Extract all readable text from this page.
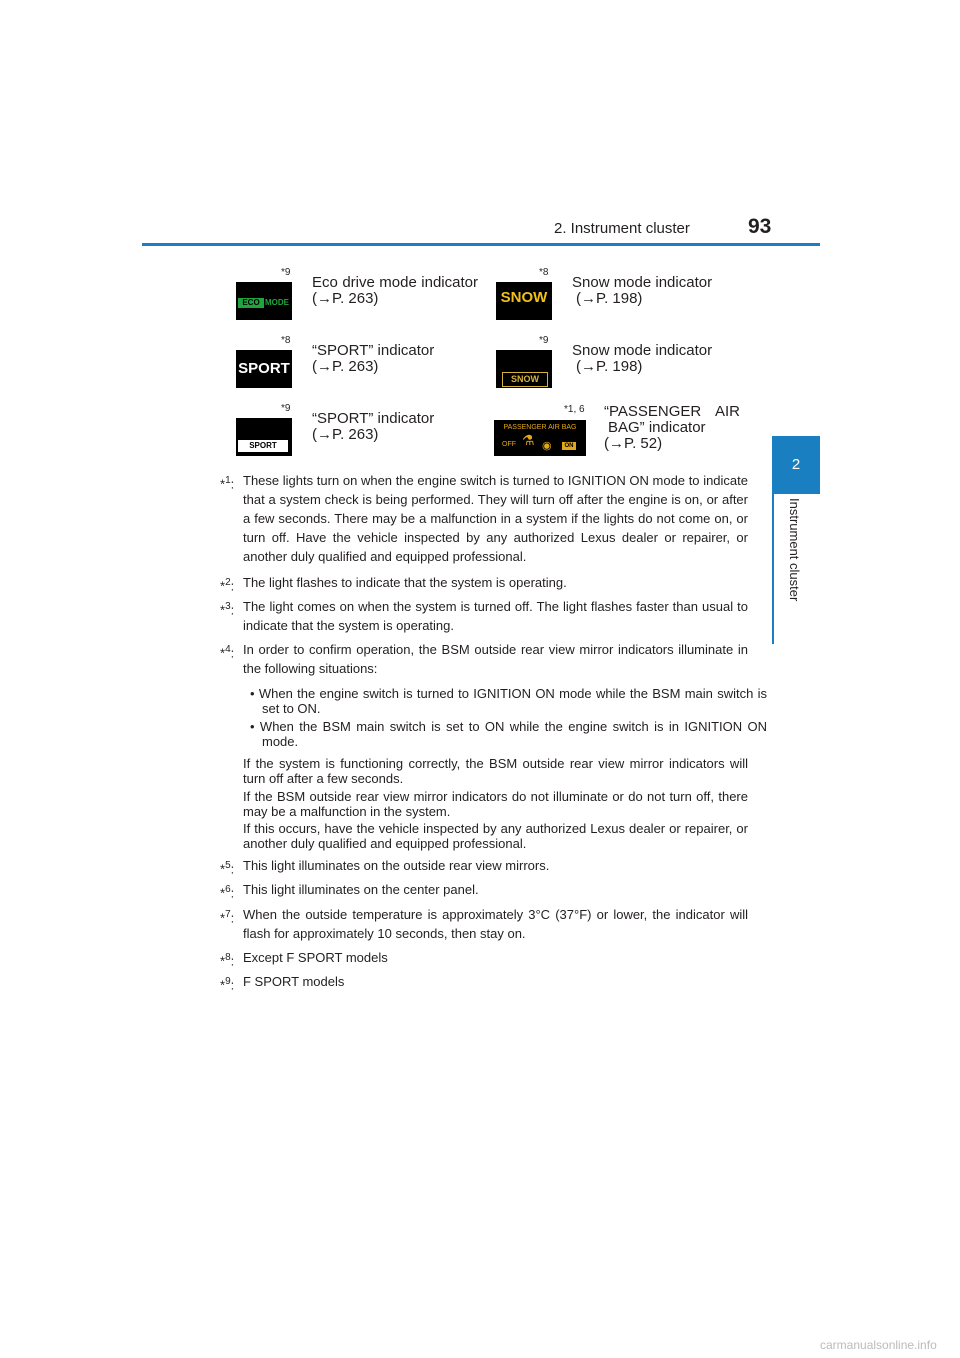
2. Instrument cluster	93
2
Instrument cluster
*9
ECO MODE
Eco drive mode indicator
(→P. 263)
*8
SNOW
Snow mode indicator
(→P. 198)
*8
SPORT
“SPORT” indicator
(→P. 263)
*9
SNOW
Snow mode indicator
(→P. 198)
*9
SPORT
“SPORT” indicator
(→P. 263)
*1, 6
PASSENGER AIR BAG
OFF ⚗ ◉	ON
“PASSENGER AIR
BAG” indicator
(→P. 52)
*$^1$: These lights turn on when the engine switch is turned to IGNITION ON mode to indicate that a system check is being performed. They will turn off after the engine is on, or after a few seconds. There may be a malfunction in a system if the lights do not come on, or turn off. Have the vehicle inspected by any authorized Lexus dealer or repairer, or another duly qualified and equipped professional.
*$^2$: The light flashes to indicate that the system is operating.
*$^3$: The light comes on when the system is turned off. The light flashes faster than usual to indicate that the system is operating.
*$^4$: In order to confirm operation, the BSM outside rear view mirror indicators illuminate in the following situations:
• When the engine switch is turned to IGNITION ON mode while the BSM main switch is set to ON.
• When the BSM main switch is set to ON while the engine switch is in IGNITION ON mode.
If the system is functioning correctly, the BSM outside rear view mirror indicators will turn off after a few seconds.
If the BSM outside rear view mirror indicators do not illuminate or do not turn off, there may be a malfunction in the system.
If this occurs, have the vehicle inspected by any authorized Lexus dealer or repairer, or another duly qualified and equipped professional.
*$^5$: This light illuminates on the outside rear view mirrors.
*$^6$: This light illuminates on the center panel.
*$^7$: When the outside temperature is approximately 3°C (37°F) or lower, the indicator will flash for approximately 10 seconds, then stay on.
*$^8$: Except F SPORT models
*$^9$: F SPORT models
carmanualsonline.info
